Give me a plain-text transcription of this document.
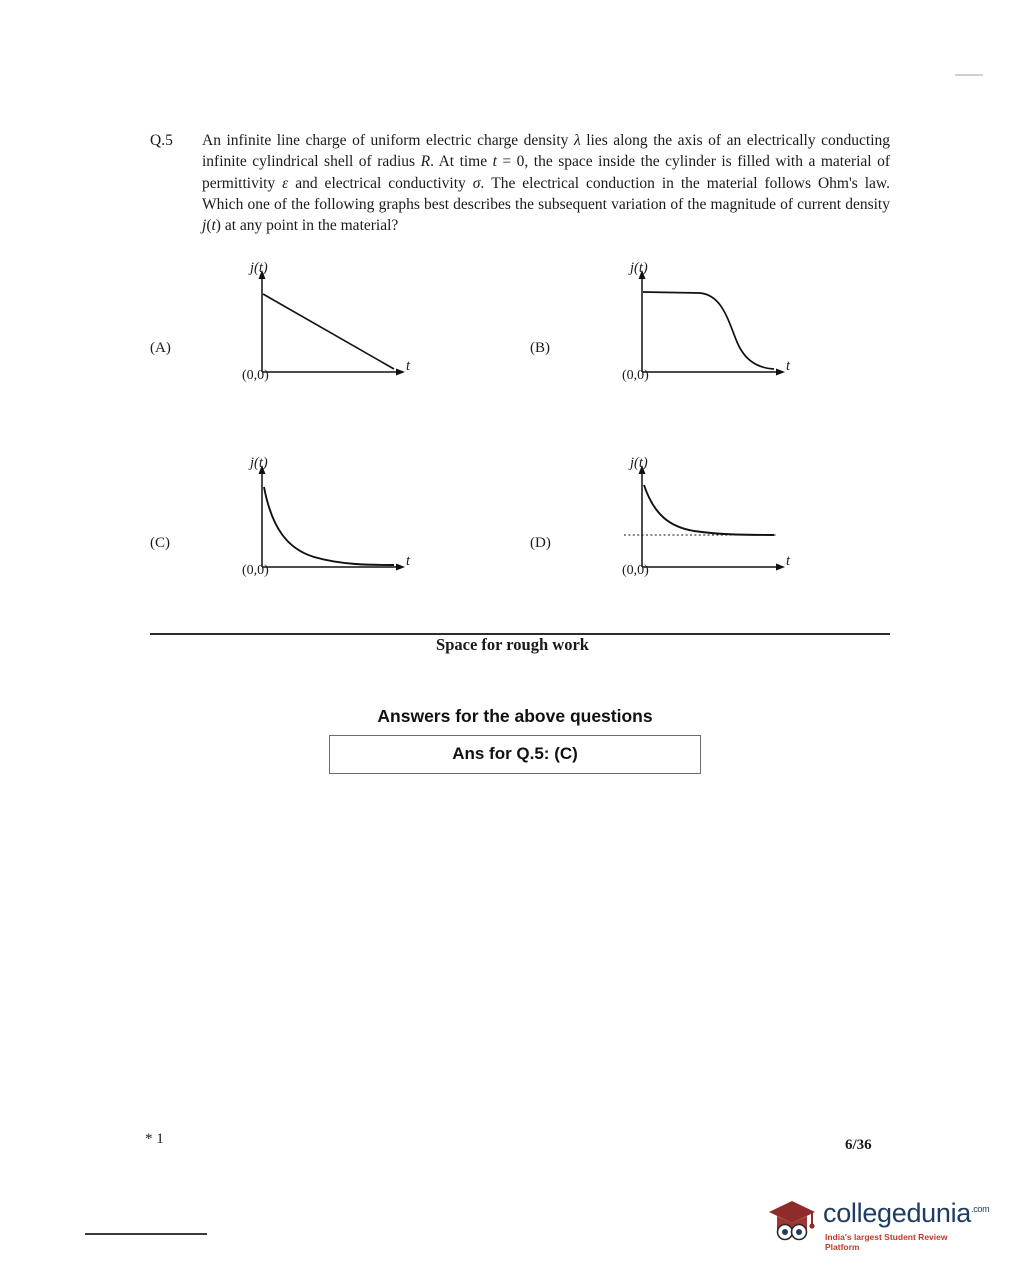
Q.5	An infinite line charge of uniform electric charge density λ lies along the axis of an electrically conducting infinite cylindrical shell of radius R. At time t = 0, the space inside the cylinder is filled with a material of permittivity ε and electrical conductivity σ. The electrical conduction in the material follows Ohm's law. Which one of the following graphs best describes the subsequent variation of the magnitude of current density j(t) at any point in the material?
(A)
j(t)
t
(0,0)
(B)
j(t)
t
(0,0)
(C)
j(t)
t
(0,0)
(D)
j(t)
t
(0,0)
Space for rough work
Answers for the above questions
Ans for Q.5: (C)
* 1	6/36
collegedunia$^{.com}$
India's largest Student Review Platform
